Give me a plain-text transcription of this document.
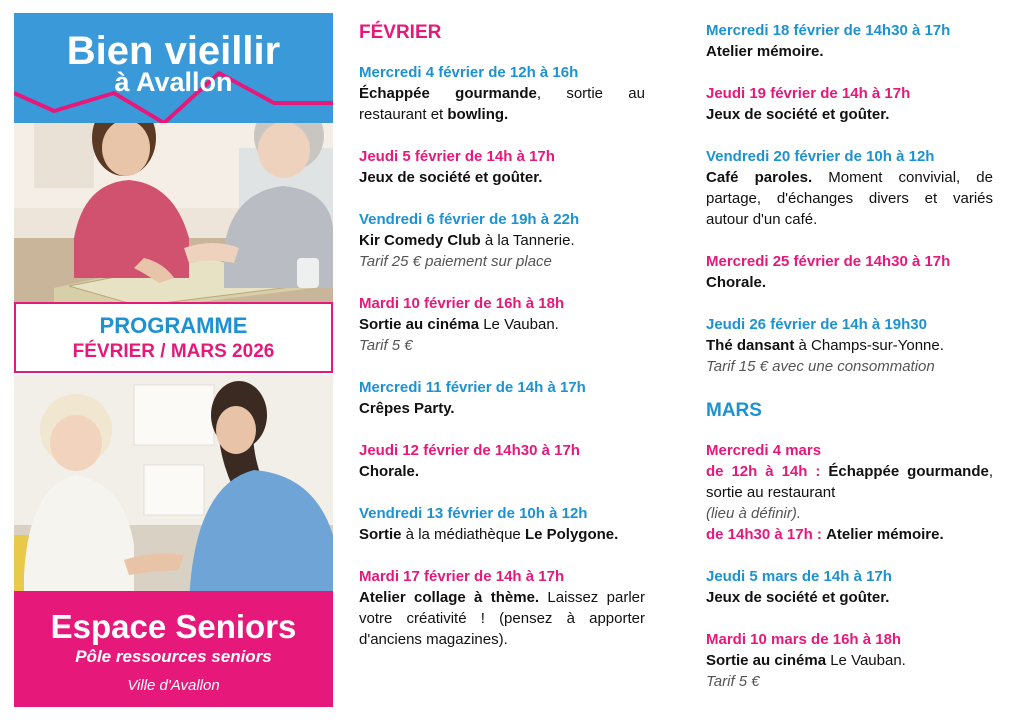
Bien vieillir
à Avallon
PROGRAMME
FÉVRIER / MARS 2026
Espace Seniors
Pôle ressources seniors
Ville d'Avallon
FÉVRIER
Mercredi 4 février de 12h à 16h
Échappée gourmande, sortie au restaurant et bowling.
Jeudi 5 février de 14h à 17h
Jeux de société et goûter.
Vendredi 6 février de 19h à 22h
Kir Comedy Club à la Tannerie.
Tarif 25 € paiement sur place
Mardi 10 février de 16h à 18h
Sortie au cinéma Le Vauban.
Tarif 5 €
Mercredi 11 février de 14h à 17h
Crêpes Party.
Jeudi 12 février de 14h30 à 17h
Chorale.
Vendredi 13 février de 10h à 12h
Sortie à la médiathèque Le Polygone.
Mardi 17 février de 14h à 17h
Atelier collage à thème. Laissez parler votre créativité ! (pensez à apporter d'anciens magazines).
Mercredi 18 février de 14h30 à 17h
Atelier mémoire.
Jeudi 19 février de 14h à 17h
Jeux de société et goûter.
Vendredi 20 février de 10h à 12h
Café paroles. Moment convivial, de partage, d'échanges divers et variés autour d'un café.
Mercredi 25 février de 14h30 à 17h
Chorale.
Jeudi 26 février de 14h à 19h30
Thé dansant à Champs-sur-Yonne.
Tarif 15 € avec une consommation
MARS
Mercredi 4 mars
de 12h à 14h : Échappée gourmande, sortie au restaurant
(lieu à définir).
de 14h30 à 17h : Atelier mémoire.
Jeudi 5 mars de 14h à 17h
Jeux de société et goûter.
Mardi 10 mars de 16h à 18h
Sortie au cinéma Le Vauban.
Tarif 5 €
